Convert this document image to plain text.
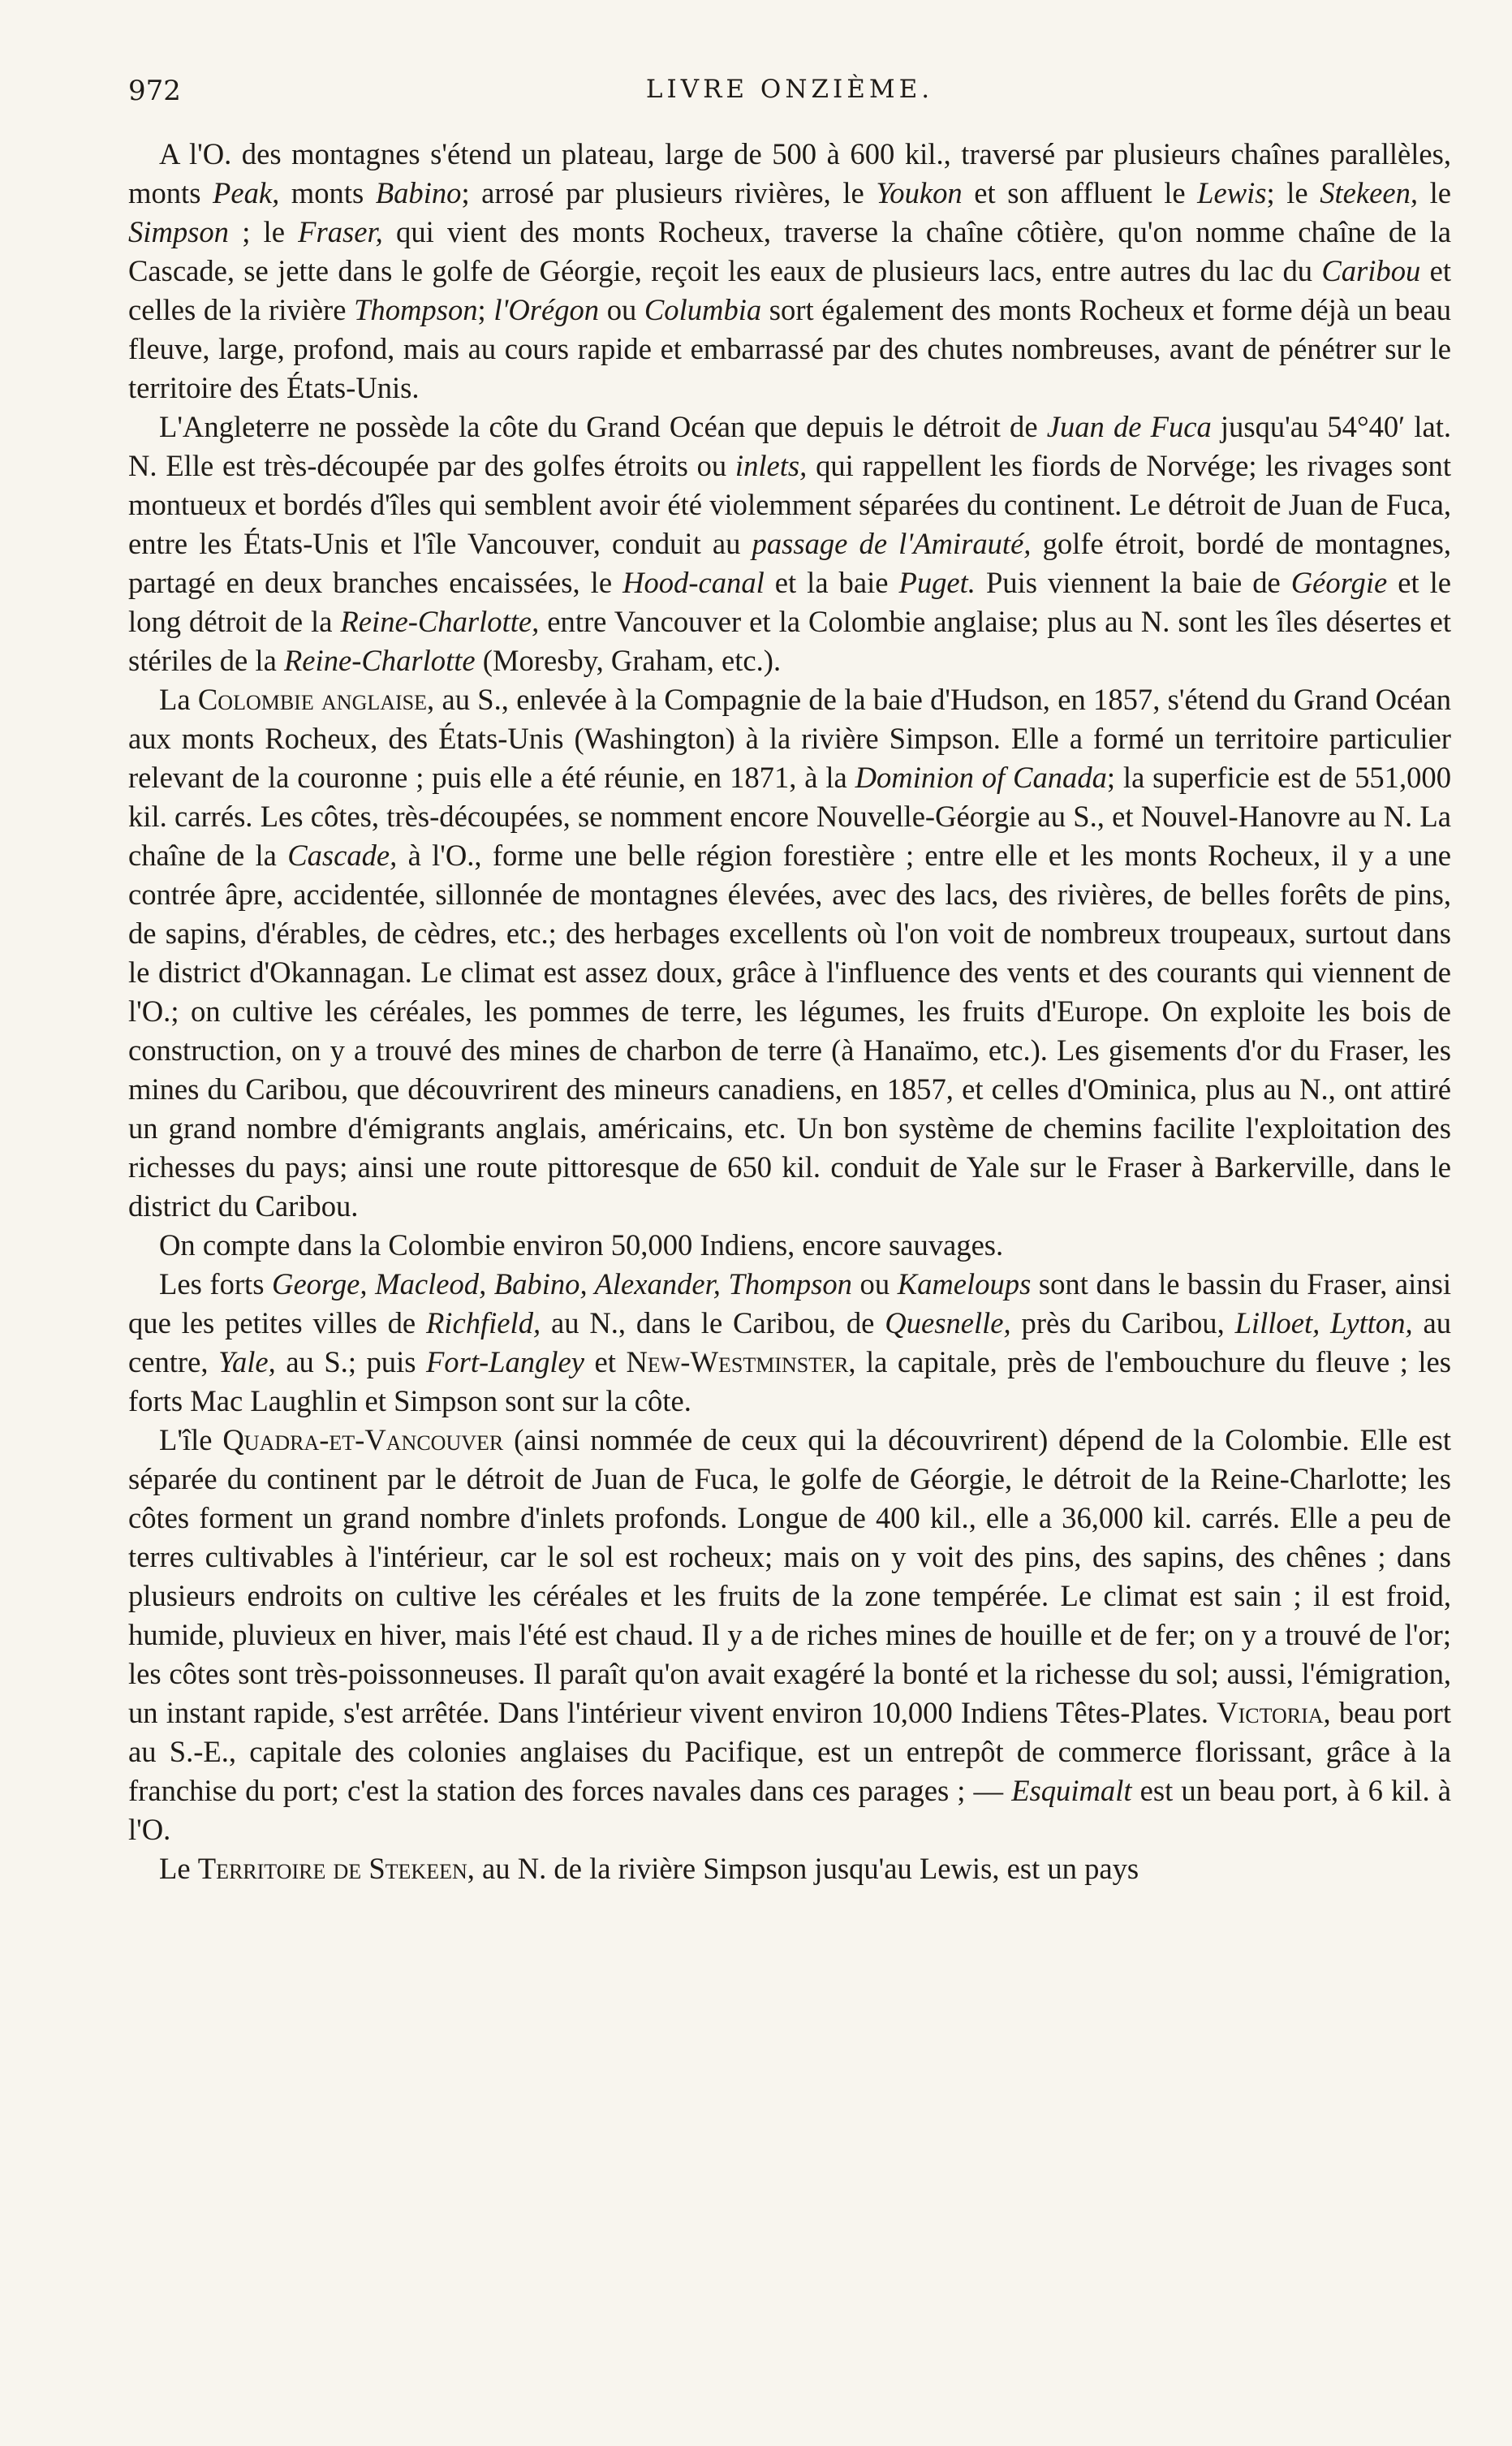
972	LIVRE ONZIÈME.

A l'O. des montagnes s'étend un plateau, large de 500 à 600 kil., traversé par plusieurs chaînes parallèles, monts Peak, monts Babino; arrosé par plusieurs rivières, le Youkon et son affluent le Lewis; le Stekeen, le Simpson ; le Fraser, qui vient des monts Rocheux, traverse la chaîne côtière, qu'on nomme chaîne de la Cascade, se jette dans le golfe de Géorgie, reçoit les eaux de plusieurs lacs, entre autres du lac du Caribou et celles de la rivière Thompson; l'Orégon ou Columbia sort également des monts Rocheux et forme déjà un beau fleuve, large, profond, mais au cours rapide et embarrassé par des chutes nombreuses, avant de pénétrer sur le territoire des États-Unis.

L'Angleterre ne possède la côte du Grand Océan que depuis le détroit de Juan de Fuca jusqu'au 54°40′ lat. N. Elle est très-découpée par des golfes étroits ou inlets, qui rappellent les fiords de Norvége; les rivages sont montueux et bordés d'îles qui semblent avoir été violemment séparées du continent. Le détroit de Juan de Fuca, entre les États-Unis et l'île Vancouver, conduit au passage de l'Amirauté, golfe étroit, bordé de montagnes, partagé en deux branches encaissées, le Hood-canal et la baie Puget. Puis viennent la baie de Géorgie et le long détroit de la Reine-Charlotte, entre Vancouver et la Colombie anglaise; plus au N. sont les îles désertes et stériles de la Reine-Charlotte (Moresby, Graham, etc.).

La Colombie anglaise, au S., enlevée à la Compagnie de la baie d'Hudson, en 1857, s'étend du Grand Océan aux monts Rocheux, des États-Unis (Washington) à la rivière Simpson. Elle a formé un territoire particulier relevant de la couronne ; puis elle a été réunie, en 1871, à la Dominion of Canada; la superficie est de 551,000 kil. carrés. Les côtes, très-découpées, se nomment encore Nouvelle-Géorgie au S., et Nouvel-Hanovre au N. La chaîne de la Cascade, à l'O., forme une belle région forestière ; entre elle et les monts Rocheux, il y a une contrée âpre, accidentée, sillonnée de montagnes élevées, avec des lacs, des rivières, de belles forêts de pins, de sapins, d'érables, de cèdres, etc.; des herbages excellents où l'on voit de nombreux troupeaux, surtout dans le district d'Okannagan. Le climat est assez doux, grâce à l'influence des vents et des courants qui viennent de l'O.; on cultive les céréales, les pommes de terre, les légumes, les fruits d'Europe. On exploite les bois de construction, on y a trouvé des mines de charbon de terre (à Hanaïmo, etc.). Les gisements d'or du Fraser, les mines du Caribou, que découvrirent des mineurs canadiens, en 1857, et celles d'Ominica, plus au N., ont attiré un grand nombre d'émigrants anglais, américains, etc. Un bon système de chemins facilite l'exploitation des richesses du pays; ainsi une route pittoresque de 650 kil. conduit de Yale sur le Fraser à Barkerville, dans le district du Caribou.

On compte dans la Colombie environ 50,000 Indiens, encore sauvages.

Les forts George, Macleod, Babino, Alexander, Thompson ou Kameloups sont dans le bassin du Fraser, ainsi que les petites villes de Richfield, au N., dans le Caribou, de Quesnelle, près du Caribou, Lilloet, Lytton, au centre, Yale, au S.; puis Fort-Langley et New-Westminster, la capitale, près de l'embouchure du fleuve ; les forts Mac Laughlin et Simpson sont sur la côte.

L'île Quadra-et-Vancouver (ainsi nommée de ceux qui la découvrirent) dépend de la Colombie. Elle est séparée du continent par le détroit de Juan de Fuca, le golfe de Géorgie, le détroit de la Reine-Charlotte; les côtes forment un grand nombre d'inlets profonds. Longue de 400 kil., elle a 36,000 kil. carrés. Elle a peu de terres cultivables à l'intérieur, car le sol est rocheux; mais on y voit des pins, des sapins, des chênes ; dans plusieurs endroits on cultive les céréales et les fruits de la zone tempérée. Le climat est sain ; il est froid, humide, pluvieux en hiver, mais l'été est chaud. Il y a de riches mines de houille et de fer; on y a trouvé de l'or; les côtes sont très-poissonneuses. Il paraît qu'on avait exagéré la bonté et la richesse du sol; aussi, l'émigration, un instant rapide, s'est arrêtée. Dans l'intérieur vivent environ 10,000 Indiens Têtes-Plates. Victoria, beau port au S.-E., capitale des colonies anglaises du Pacifique, est un entrepôt de commerce florissant, grâce à la franchise du port; c'est la station des forces navales dans ces parages ; — Esquimalt est un beau port, à 6 kil. à l'O.

Le Territoire de Stekeen, au N. de la rivière Simpson jusqu'au Lewis, est un pays
